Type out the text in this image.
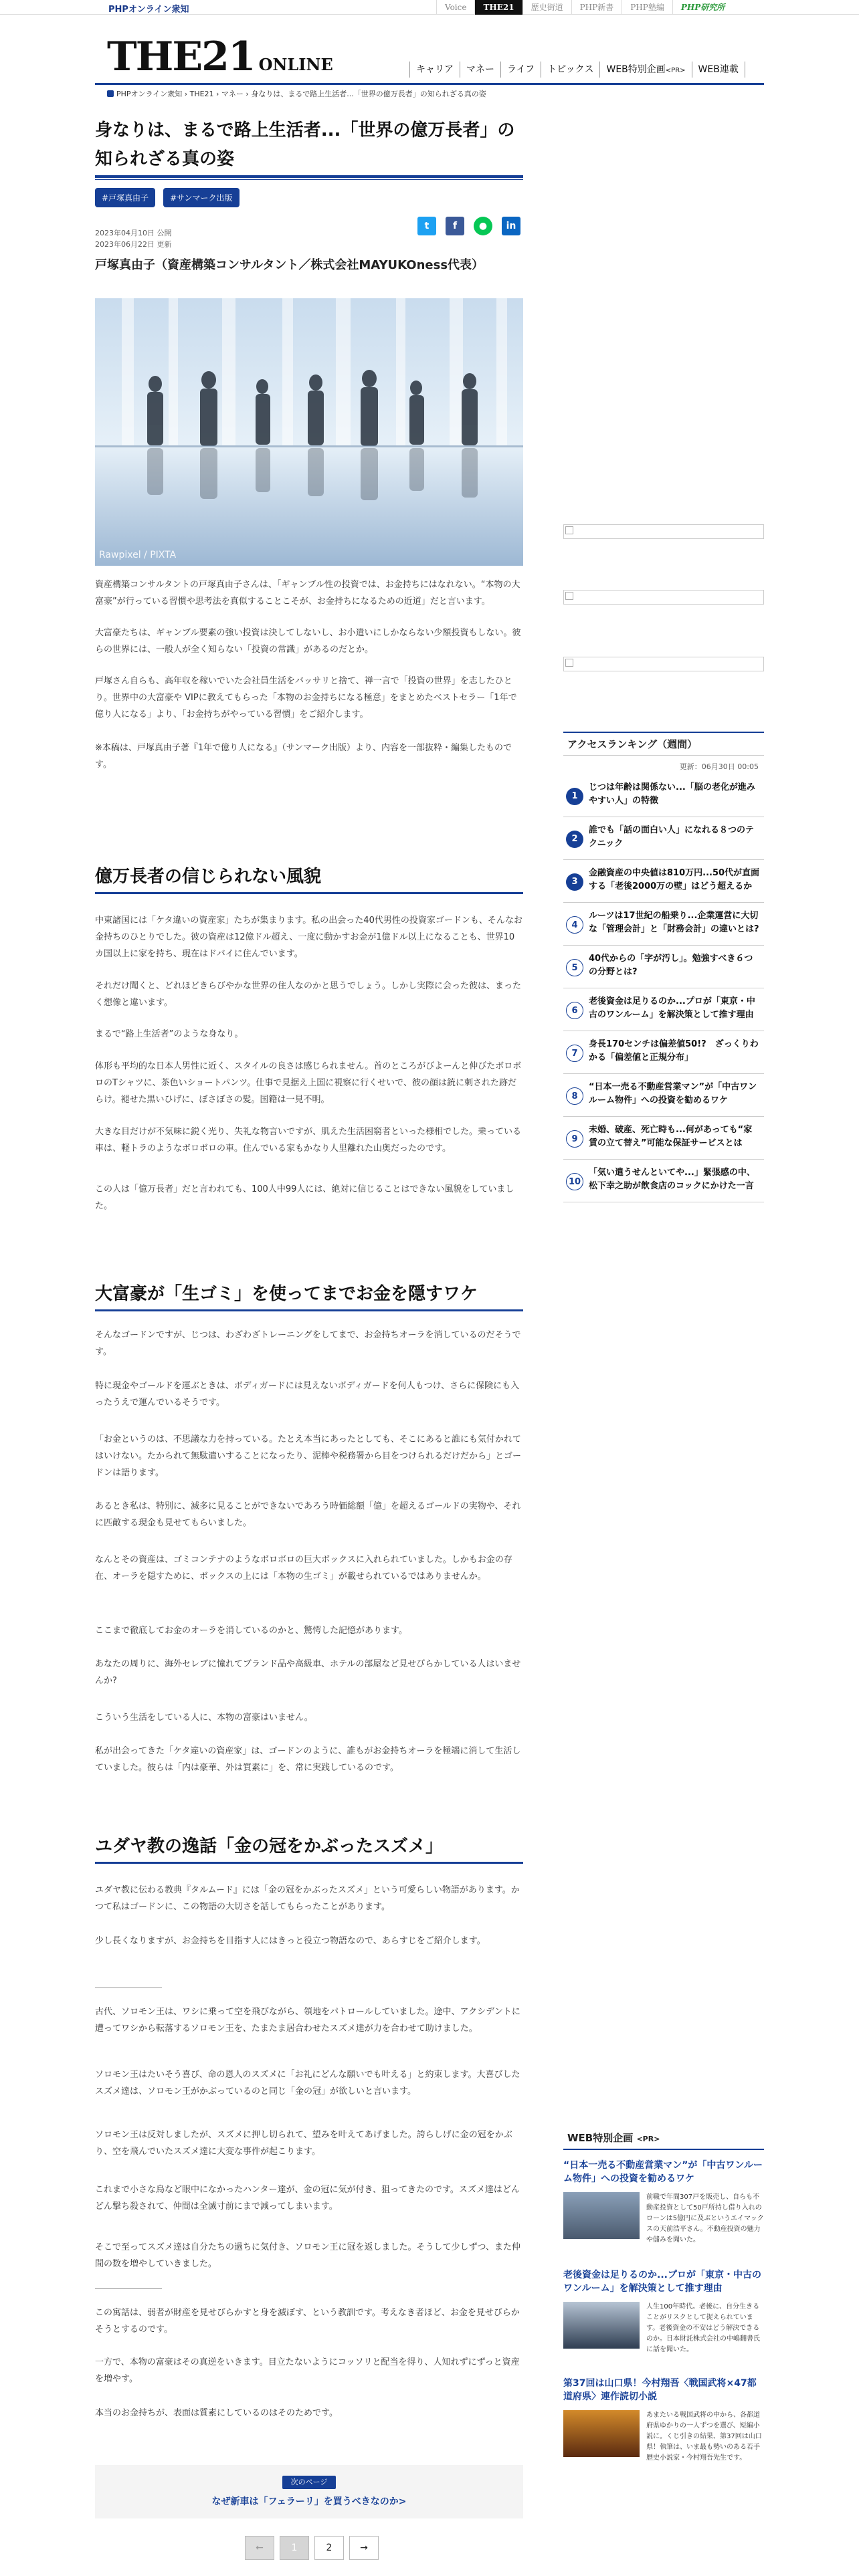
PHPオンライン衆知	Voice	THE21	歴史街道	PHP新書	PHP塾編	PHP研究所
THE21 ONLINE	キャリア	マネー	ライフ	トピックス	WEB特別企画<PR>	WEB連載
PHPオンライン衆知 › THE21 › マネー › 身なりは、まるで路上生活者...「世界の億万長者」の知られざる真の姿
身なりは、まるで路上生活者...「世界の億万長者」の知られざる真の姿
#戸塚真由子	#サンマーク出版
2023年04月10日 公開
2023年06月22日 更新
t	f	●	in
戸塚真由子（資産構築コンサルタント／株式会社MAYUKOness代表）
Rawpixel / PIXTA

資産構築コンサルタントの戸塚真由子さんは、「ギャンブル性の投資では、お金持ちにはなれない。“本物の大富豪”が行っている習慣や思考法を真似することこそが、お金持ちになるための近道」だと言います。

大富豪たちは、ギャンブル要素の強い投資は決してしないし、お小遣いにしかならない少額投資もしない。彼らの世界には、一般人が全く知らない「投資の常識」があるのだとか。

戸塚さん自らも、高年収を稼いでいた会社員生活をバッサリと捨て、禅一言で「投資の世界」を志したひとり。世界中の大富豪や VIPに教えてもらった「本物のお金持ちになる極意」をまとめたベストセラー「1年で億り人になる」より、「お金持ちがやっている習慣」をご紹介します。

※本稿は、戸塚真由子著『1年で億り人になる』（サンマーク出版）より、内容を一部抜粋・編集したものです。

億万長者の信じられない風貌

中東諸国には「ケタ違いの資産家」たちが集まります。私の出会った40代男性の投資家ゴードンも、そんなお金持ちのひとりでした。彼の資産は12億ドル超え、一度に動かすお金が1億ドル以上になることも、世界10カ国以上に家を持ち、現在はドバイに住んでいます。

それだけ聞くと、どれほどきらびやかな世界の住人なのかと思うでしょう。しかし実際に会った彼は、まったく想像と違います。

まるで“路上生活者”のような身なり。

体形も平均的な日本人男性に近く、スタイルの良さは感じられません。首のところがびよーんと伸びたボロボロのTシャツに、茶色いショートパンツ。仕事で見据え上国に視察に行くせいで、彼の顔は銃に刺された跡だらけ。褪せた黒いひげに、ぼさぼさの髪。国籍は一見不明。

大きな目だけが不気味に鋭く光り、失礼な物言いですが、肌えた生活困窮者といった様相でした。乗っている車は、軽トラのようなボロボロの車。住んでいる家もかなり人里離れた山奥だったのです。

この人は「億万長者」だと言われても、100人中99人には、絶対に信じることはできない風貌をしていました。

大富豪が「生ゴミ」を使ってまでお金を隠すワケ

そんなゴードンですが、じつは、わざわざトレーニングをしてまで、お金持ちオーラを消しているのだそうです。

特に現金やゴールドを運ぶときは、ボディガードには見えないボディガードを何人もつけ、さらに保険にも入ったうえで運んでいるそうです。

「お金というのは、不思議な力を持っている。たとえ本当にあったとしても、そこにあると誰にも気付かれてはいけない。たかられて無駄遣いすることになったり、泥棒や税務署から目をつけられるだけだから」とゴードンは語ります。

あるとき私は、特別に、滅多に見ることができないであろう時価総額「億」を超えるゴールドの実物や、それに匹敵する現金も見せてもらいました。

なんとその資産は、ゴミコンテナのようなボロボロの巨大ボックスに入れられていました。しかもお金の存在、オーラを隠すために、ボックスの上には「本物の生ゴミ」が載せられているではありませんか。

ここまで徹底してお金のオーラを消しているのかと、驚愕した記憶があります。

あなたの周りに、海外セレブに憧れてブランド品や高級車、ホテルの部屋など見せびらかしている人はいませんか?

こういう生活をしている人に、本物の富豪はいません。

私が出会ってきた「ケタ違いの資産家」は、ゴードンのように、誰もがお金持ちオーラを極端に消して生活していました。彼らは「内は豪華、外は質素に」を、常に実践しているのです。

ユダヤ教の逸話「金の冠をかぶったスズメ」

ユダヤ教に伝わる教典『タルムード』には「金の冠をかぶったスズメ」という可愛らしい物語があります。かつて私はゴードンに、この物語の大切さを話してもらったことがあります。

少し長くなりますが、お金持ちを目指す人にはきっと役立つ物語なので、あらすじをご紹介します。

古代、ソロモン王は、ワシに乗って空を飛びながら、領地をパトロールしていました。途中、アクシデントに遭ってワシから転落するソロモン王を、たまたま居合わせたスズメ達が力を合わせて助けました。

ソロモン王はたいそう喜び、命の恩人のスズメに「お礼にどんな願いでも叶える」と約束します。大喜びしたスズメ達は、ソロモン王がかぶっているのと同じ「金の冠」が欲しいと言います。

ソロモン王は反対しましたが、スズメに押し切られて、望みを叶えてあげました。誇らしげに金の冠をかぶり、空を飛んでいたスズメ達に大変な事件が起こります。

これまで小さな鳥など眼中になかったハンター達が、金の冠に気が付き、狙ってきたのです。スズメ達はどんどん撃ち殺されて、仲間は全滅寸前にまで減ってしまいます。

そこで至ってスズメ達は自分たちの過ちに気付き、ソロモン王に冠を返しました。そうして少しずつ、また仲間の数を増やしていきました。

この寓話は、弱者が財産を見せびらかすと身を滅ぼす、という教訓です。考えなき者ほど、お金を見せびらかそうとするのです。

一方で、本物の富豪はその真逆をいきます。目立たないようにコッソリと配当を得り、人知れずにずっと資産を増やす。

本当のお金持ちが、表面は質素にしているのはそのためです。

次のページ
なぜ新車は「フェラーリ」を買うべきなのか>
←	1	2	→
アクセスランキング（週間）
更新：06月30日 00:05
1
じつは年齢は関係ない...「脳の老化が進みやすい人」の特徴
2
誰でも「話の面白い人」になれる８つのテクニック
3
金融資産の中央値は810万円...50代が直面する「老後2000万の壁」はどう超えるか
4
ルーツは17世紀の船乗り...企業運営に大切な「管理会計」と「財務会計」の違いとは?
5
40代からの「字が汚し」。勉強すべき６つの分野とは?
6
老後資金は足りるのか...プロが「東京・中古のワンルーム」を解決策として推す理由
7
身長170センチは偏差値50!?　ざっくりわかる「偏差値と正規分布」
8
“日本一売る不動産営業マン”が「中古ワンルーム物件」への投資を勧めるワケ
9
未婚、破産、死亡時も...何があっても“家賃の立て替え”可能な保証サービスとは
10
「気い遣うせんといてや...」緊張感の中、松下幸之助が飲食店のコックにかけた一言
WEB特別企画 <PR>
“日本一売る不動産営業マン”が「中古ワンルーム物件」への投資を勧めるワケ
前職で年間307戸を販売し、自らも不動産投資として50戸所持し借り入れのローンは5億円に及ぶというエイマックスの天前浩平さん。不動産投資の魅力や儲みを聞いた。
老後資金は足りるのか...プロが「東京・中古のワンルーム」を解決策として推す理由
人生100年時代。老後に、自分生きることがリスクとして捉えられています。老後資金の不安はどう解決できるのか。日本財託株式会社の中嶋翻書氏に話を聞いた。
第37回は山口県！今村翔吾〈戦国武将×47都道府県〉連作読切小説
あまたいる戦国武将の中から、各都道府県ゆかりの一人ずつを選び、短編小説に。くじ引きの結果、第37回は山口県！執筆は、いま最も勢いのある若手歴史小説家・今村翔吾先生です。
